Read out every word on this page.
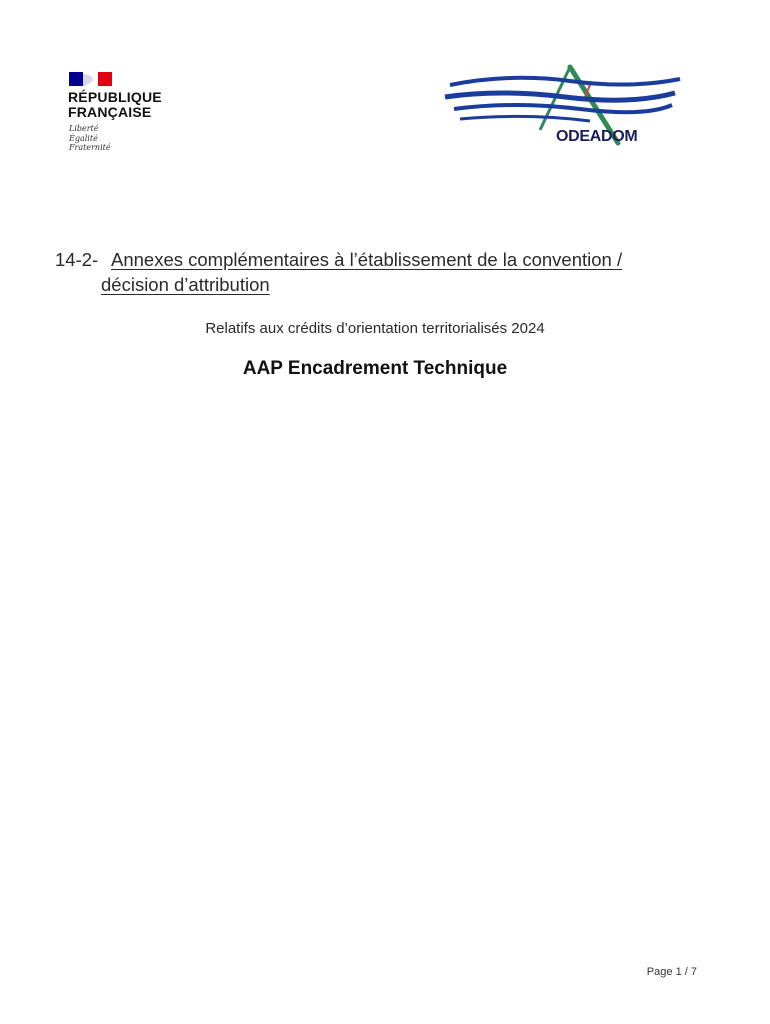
RÉPUBLIQUE
FRANÇAISE
Liberté
Égalité
Fraternité
ODEADOM
14-2- Annexes complémentaires à l’établissement de la convention /
décision d’attribution
Relatifs aux crédits d’orientation territorialisés 2024
AAP Encadrement Technique
Page 1 / 7
